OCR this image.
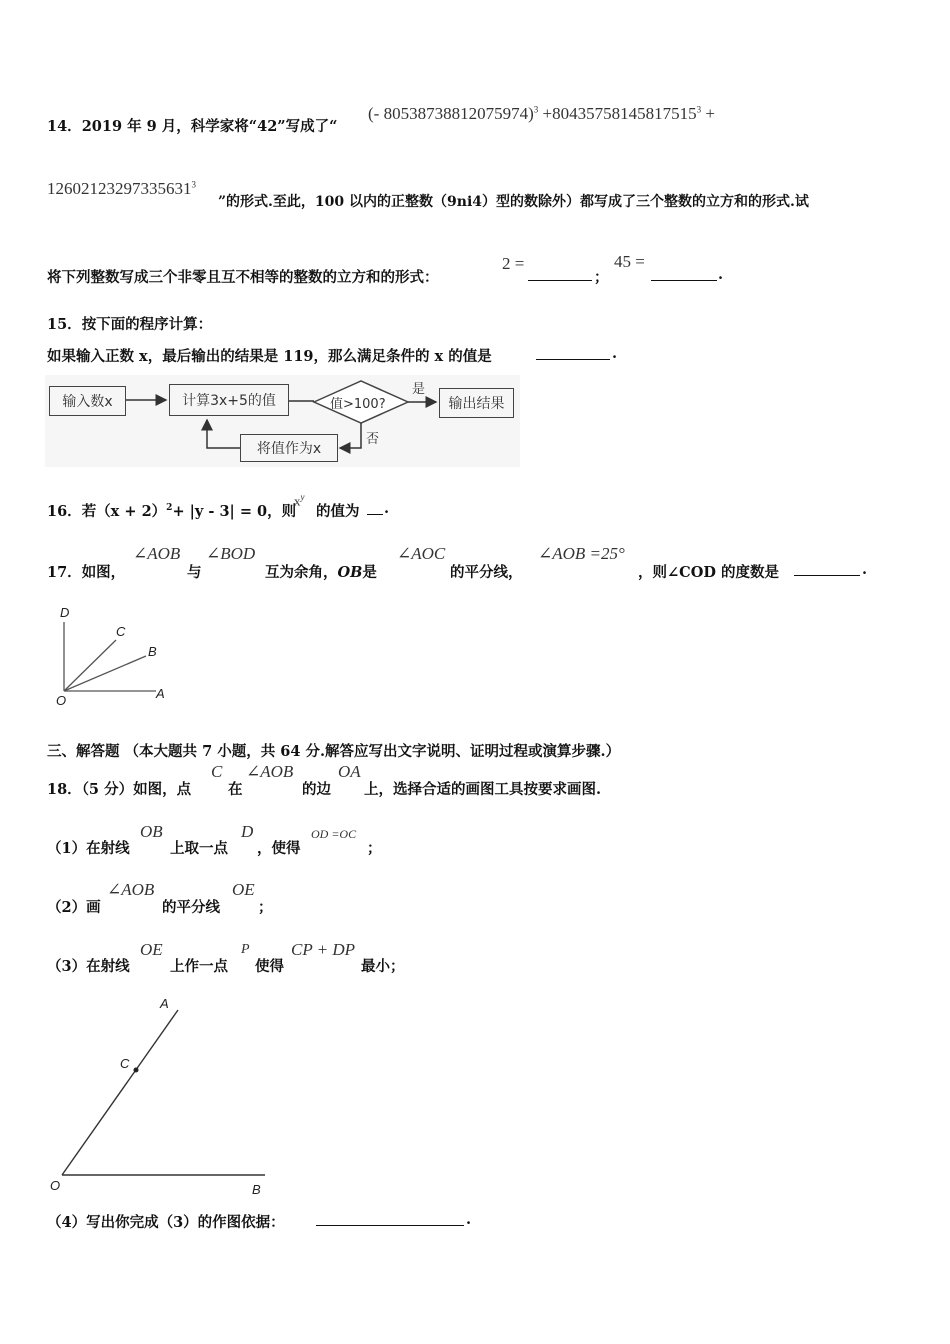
14．2019 年 9 月，科学家将“42”写成了“
(- $80538738812075974)^3 +80435758145817515^3$ +
$12602123297335631^3$
”的形式.至此，100 以内的正整数（9ni4）型的数除外）都写成了三个整数的立方和的形式.试
将下列整数写成三个非零且互不相等的整数的立方和的形式：
2 =
；
45 =
.
15．按下面的程序计算：
如果输入正数 x，最后输出的结果是 119，那么满足条件的 x 的值是	.
输入数x	计算3x+5的值	输出结果
将值作为x
值>100?
是
否
16．若$(x + 2)^2+ |y - 3| = 0$，则
$x^y$
的值为 .
17．如图，
∠AOB
与
∠BOD
互为余角，OB是
∠AOC
的平分线，
∠AOB =25°
，则∠COD 的度数是	.
D
C
B
O	A
三、解答题 （本大题共 7 小题，共 64 分.解答应写出文字说明、证明过程或演算步骤.）
18．（5 分）如图，点
C
在
∠AOB
的边
OA
上，选择合适的画图工具按要求画图.
（1）在射线
OB
上取一点
D
，使得
OD =OC
；
（2）画
∠AOB
的平分线
OE
；
（3）在射线
OE
上作一点
P
使得
CP + DP
最小；
A
C
O	B
（4）写出你完成（3）的作图依据：	.
